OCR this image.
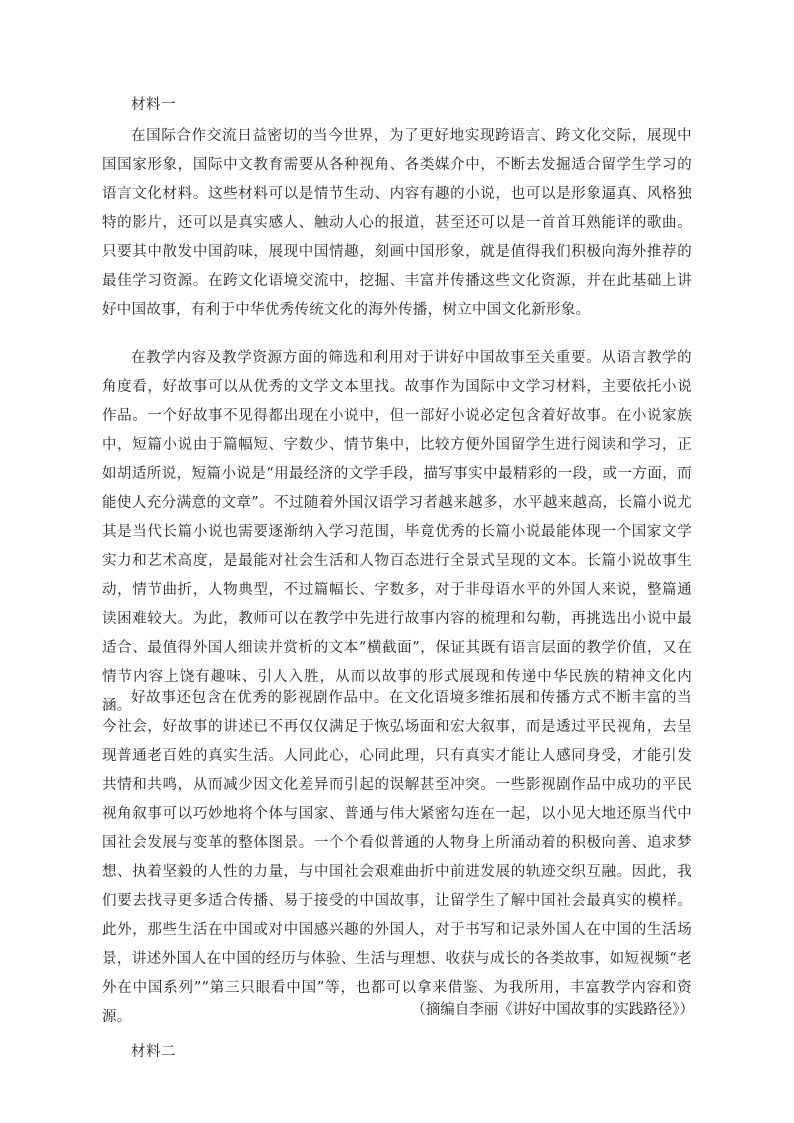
材料一

在国际合作交流日益密切的当今世界，为了更好地实现跨语言、跨文化交际，展现中国国家形象，国际中文教育需要从各种视角、各类媒介中，不断去发掘适合留学生学习的语言文化材料。这些材料可以是情节生动、内容有趣的小说，也可以是形象逼真、风格独特的影片，还可以是真实感人、触动人心的报道，甚至还可以是一首首耳熟能详的歌曲。只要其中散发中国韵味，展现中国情趣，刻画中国形象，就是值得我们积极向海外推荐的最佳学习资源。在跨文化语境交流中，挖掘、丰富并传播这些文化资源，并在此基础上讲好中国故事，有利于中华优秀传统文化的海外传播，树立中国文化新形象。

在教学内容及教学资源方面的筛选和利用对于讲好中国故事至关重要。从语言教学的角度看，好故事可以从优秀的文学文本里找。故事作为国际中文学习材料，主要依托小说作品。一个好故事不见得都出现在小说中，但一部好小说必定包含着好故事。在小说家族中，短篇小说由于篇幅短、字数少、情节集中，比较方便外国留学生进行阅读和学习，正如胡适所说，短篇小说是“用最经济的文学手段，描写事实中最精彩的一段，或一方面，而能使人充分满意的文章”。不过随着外国汉语学习者越来越多，水平越来越高，长篇小说尤其是当代长篇小说也需要逐渐纳入学习范围，毕竟优秀的长篇小说最能体现一个国家文学实力和艺术高度，是最能对社会生活和人物百态进行全景式呈现的文本。长篇小说故事生动，情节曲折，人物典型，不过篇幅长、字数多，对于非母语水平的外国人来说，整篇通读困难较大。为此，教师可以在教学中先进行故事内容的梳理和勾勒，再挑选出小说中最适合、最值得外国人细读并赏析的文本“横截面”，保证其既有语言层面的教学价值，又在情节内容上饶有趣味、引人入胜，从而以故事的形式展现和传递中华民族的精神文化内涵。 好故事还包含在优秀的影视剧作品中。在文化语境多维拓展和传播方式不断丰富的当今社会，好故事的讲述已不再仅仅满足于恢弘场面和宏大叙事，而是透过平民视角，去呈现普通老百姓的真实生活。人同此心，心同此理，只有真实才能让人感同身受，才能引发共情和共鸣，从而减少因文化差异而引起的误解甚至冲突。一些影视剧作品中成功的平民视角叙事可以巧妙地将个体与国家、普通与伟大紧密勾连在一起，以小见大地还原当代中国社会发展与变革的整体图景。一个个看似普通的人物身上所涌动着的积极向善、追求梦想、执着坚毅的人性的力量，与中国社会艰难曲折中前进发展的轨迹交织互融。因此，我们要去找寻更多适合传播、易于接受的中国故事，让留学生了解中国社会最真实的模样。此外，那些生活在中国或对中国感兴趣的外国人，对于书写和记录外国人在中国的生活场景，讲述外国人在中国的经历与体验、生活与理想、收获与成长的各类故事，如短视频“老外在中国系列”“第三只眼看中国”等，也都可以拿来借鉴、为我所用，丰富教学内容和资源。	（摘编自李丽《讲好中国故事的实践路径》）
材料二
